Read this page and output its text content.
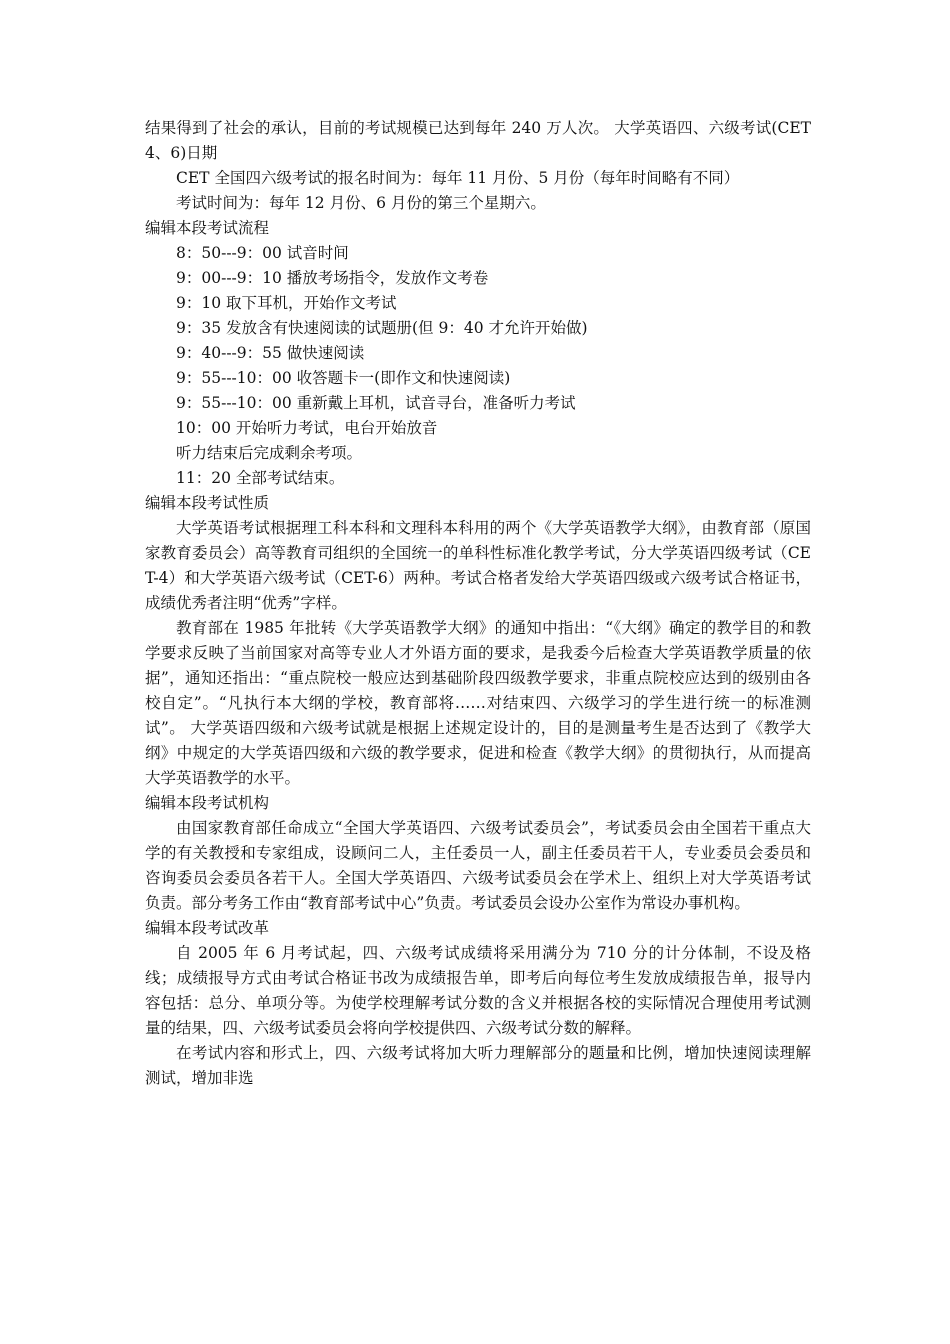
结果得到了社会的承认，目前的考试规模已达到每年 240 万人次。 大学英语四、六级考试(CET4、6)日期

CET 全国四六级考试的报名时间为：每年 11 月份、5 月份（每年时间略有不同）

考试时间为：每年 12 月份、6 月份的第三个星期六。

编辑本段考试流程

8：50---9：00 试音时间

9：00---9：10 播放考场指令，发放作文考卷

9：10 取下耳机，开始作文考试

9：35 发放含有快速阅读的试题册(但 9：40 才允许开始做)

9：40---9：55 做快速阅读

9：55---10：00 收答题卡一(即作文和快速阅读)

9：55---10：00 重新戴上耳机，试音寻台，准备听力考试

10：00 开始听力考试，电台开始放音

听力结束后完成剩余考项。

11：20 全部考试结束。

编辑本段考试性质

大学英语考试根据理工科本科和文理科本科用的两个《大学英语教学大纲》，由教育部（原国家教育委员会）高等教育司组织的全国统一的单科性标准化教学考试，分大学英语四级考试（CET-4）和大学英语六级考试（CET-6）两种。考试合格者发给大学英语四级或六级考试合格证书，成绩优秀者注明“优秀”字样。

教育部在 1985 年批转《大学英语教学大纲》的通知中指出：“《大纲》确定的教学目的和教学要求反映了当前国家对高等专业人才外语方面的要求，是我委今后检查大学英语教学质量的依据”，通知还指出：“重点院校一般应达到基础阶段四级教学要求，非重点院校应达到的级别由各校自定”。“凡执行本大纲的学校，教育部将……对结束四、六级学习的学生进行统一的标准测试”。 大学英语四级和六级考试就是根据上述规定设计的，目的是测量考生是否达到了《教学大纲》中规定的大学英语四级和六级的教学要求，促进和检查《教学大纲》的贯彻执行，从而提高大学英语教学的水平。

编辑本段考试机构

由国家教育部任命成立“全国大学英语四、六级考试委员会”，考试委员会由全国若干重点大学的有关教授和专家组成，设顾问二人，主任委员一人，副主任委员若干人，专业委员会委员和咨询委员会委员各若干人。全国大学英语四、六级考试委员会在学术上、组织上对大学英语考试负责。部分考务工作由“教育部考试中心”负责。考试委员会设办公室作为常设办事机构。

编辑本段考试改革

自 2005 年 6 月考试起，四、六级考试成绩将采用满分为 710 分的计分体制，不设及格线；成绩报导方式由考试合格证书改为成绩报告单，即考后向每位考生发放成绩报告单，报导内容包括：总分、单项分等。为使学校理解考试分数的含义并根据各校的实际情况合理使用考试测量的结果，四、六级考试委员会将向学校提供四、六级考试分数的解释。

在考试内容和形式上，四、六级考试将加大听力理解部分的题量和比例，增加快速阅读理解测试，增加非选
